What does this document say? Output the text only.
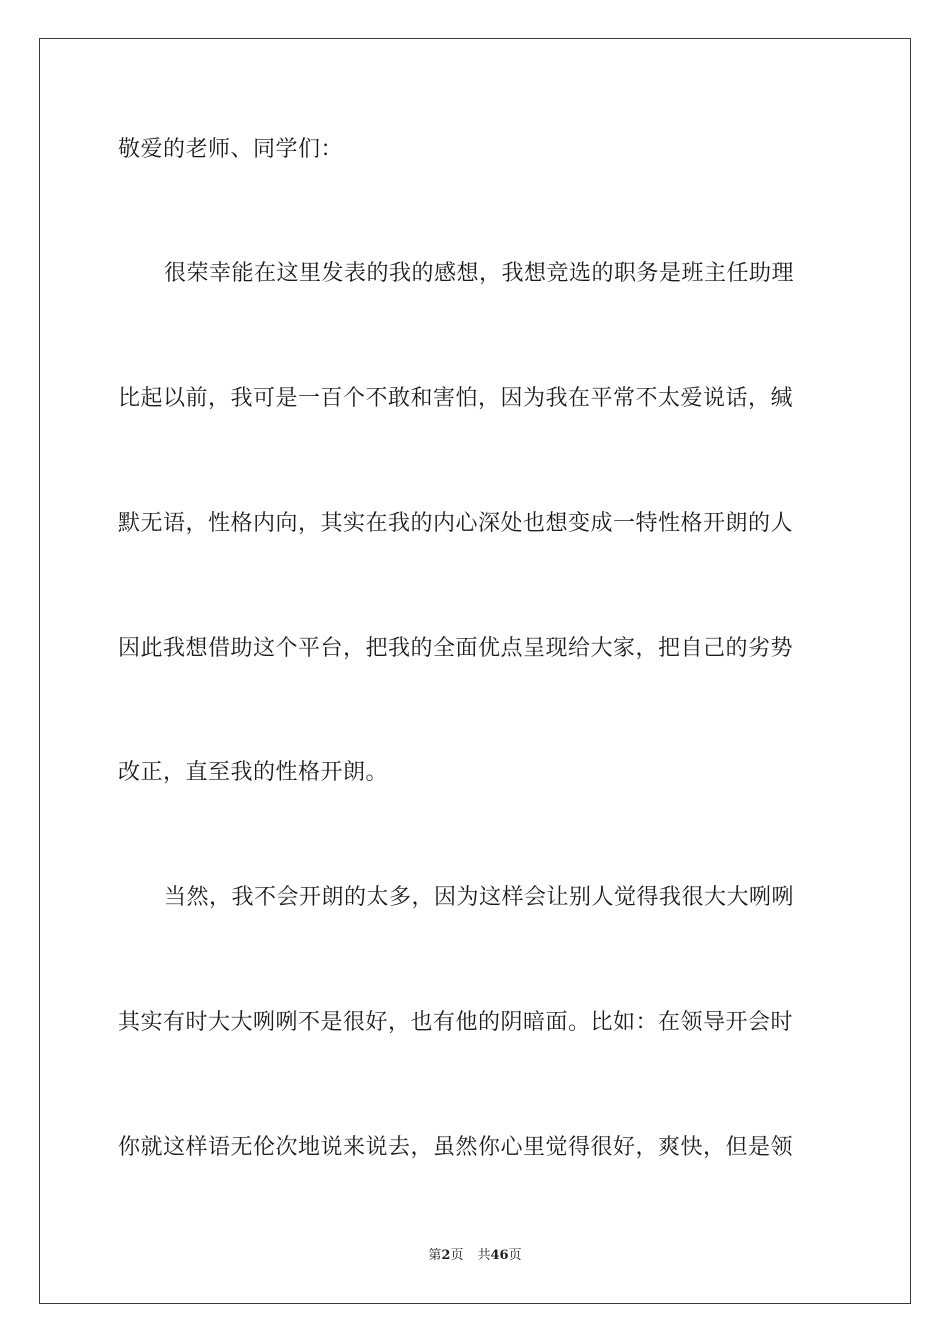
敬爱的老师、同学们：
很荣幸能在这里发表的我的感想，我想竞选的职务是班主任助理
比起以前，我可是一百个不敢和害怕，因为我在平常不太爱说话，缄
默无语，性格内向，其实在我的内心深处也想变成一特性格开朗的人
因此我想借助这个平台，把我的全面优点呈现给大家，把自己的劣势
改正，直至我的性格开朗。
当然，我不会开朗的太多，因为这样会让别人觉得我很大大咧咧
其实有时大大咧咧不是很好，也有他的阴暗面。比如：在领导开会时
你就这样语无伦次地说来说去，虽然你心里觉得很好，爽快，但是领
第2页 共46页
